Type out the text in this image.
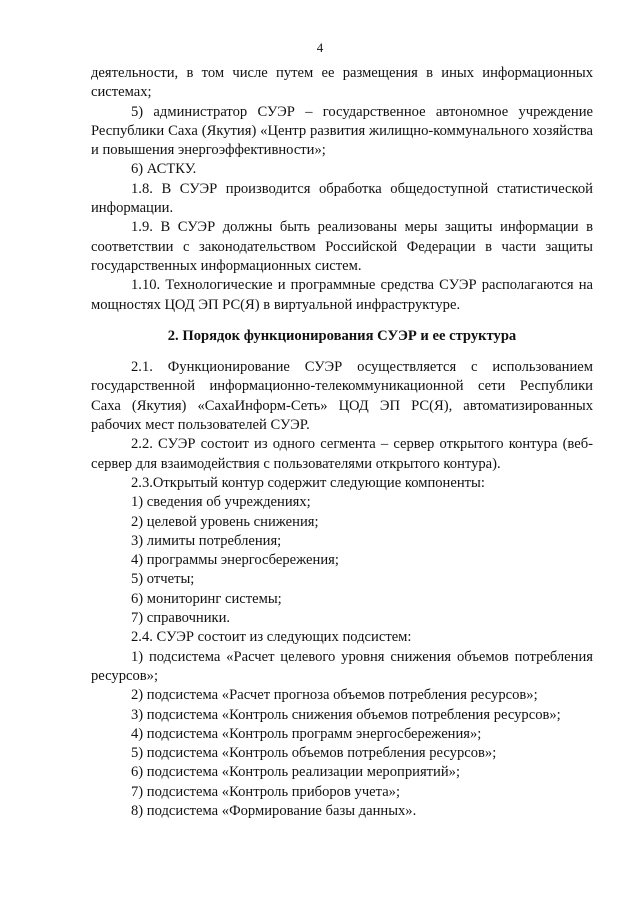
4

деятельности, в том числе путем ее размещения в иных информационных системах;

5) администратор СУЭР – государственное автономное учреждение Республики Саха (Якутия) «Центр развития жилищно-коммунального хозяйства и повышения энергоэффективности»;

6) АСТКУ.

1.8. В СУЭР производится обработка общедоступной статистической информации.

1.9. В СУЭР должны быть реализованы меры защиты информации в соответствии с законодательством Российской Федерации в части защиты государственных информационных систем.

1.10. Технологические и программные средства СУЭР располагаются на мощностях ЦОД ЭП РС(Я) в виртуальной инфраструктуре.

2. Порядок функционирования СУЭР и ее структура

2.1. Функционирование СУЭР осуществляется с использованием государственной информационно-телекоммуникационной сети Республики Саха (Якутия) «СахаИнформ-Сеть» ЦОД ЭП РС(Я), автоматизированных рабочих мест пользователей СУЭР.

2.2. СУЭР состоит из одного сегмента – сервер открытого контура (веб-сервер для взаимодействия с пользователями открытого контура).

2.3.Открытый контур содержит следующие компоненты:

1) сведения об учреждениях;

2) целевой уровень снижения;

3) лимиты потребления;

4) программы энергосбережения;

5) отчеты;

6) мониторинг системы;

7) справочники.

2.4. СУЭР состоит из следующих подсистем:

1) подсистема «Расчет целевого уровня снижения объемов потребления ресурсов»;

2) подсистема «Расчет прогноза объемов потребления ресурсов»;

3) подсистема «Контроль снижения объемов потребления ресурсов»;

4) подсистема «Контроль программ энергосбережения»;

5) подсистема «Контроль объемов потребления ресурсов»;

6) подсистема «Контроль реализации мероприятий»;

7) подсистема «Контроль приборов учета»;

8) подсистема «Формирование базы данных».
